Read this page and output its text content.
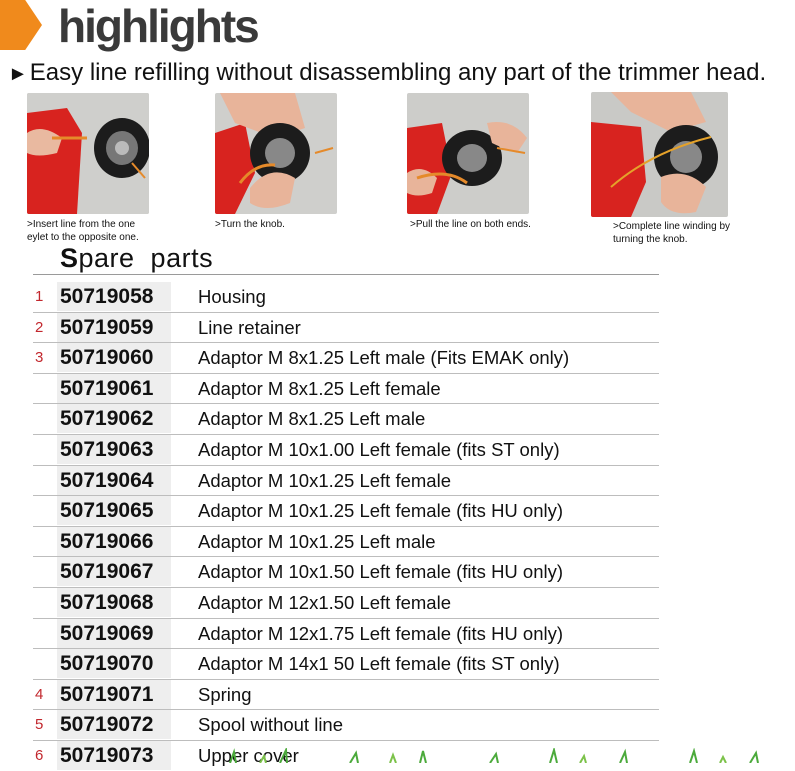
highlights
►Easy line refilling without disassembling any part of the trimmer head.
>Insert line from the one
eylet to the opposite one.
>Turn the knob.	>Pull the line on both ends.	>Complete line winding by
turning the knob.
Spare  parts
1 50719058 Housing
2 50719059 Line retainer
3 50719060 Adaptor M 8x1.25 Left male (Fits EMAK only)
50719061 Adaptor M 8x1.25 Left female
50719062 Adaptor M 8x1.25 Left male
50719063 Adaptor M 10x1.00 Left female (fits ST only)
50719064 Adaptor M 10x1.25 Left female
50719065 Adaptor M 10x1.25 Left female (fits HU only)
50719066 Adaptor M 10x1.25 Left male
50719067 Adaptor M 10x1.50 Left female (fits HU only)
50719068 Adaptor M 12x1.50 Left female
50719069 Adaptor M 12x1.75 Left female (fits HU only)
50719070 Adaptor M 14x1 50 Left female (fits ST only)
4 50719071 Spring
5 50719072 Spool without line
6 50719073 Upper cover
